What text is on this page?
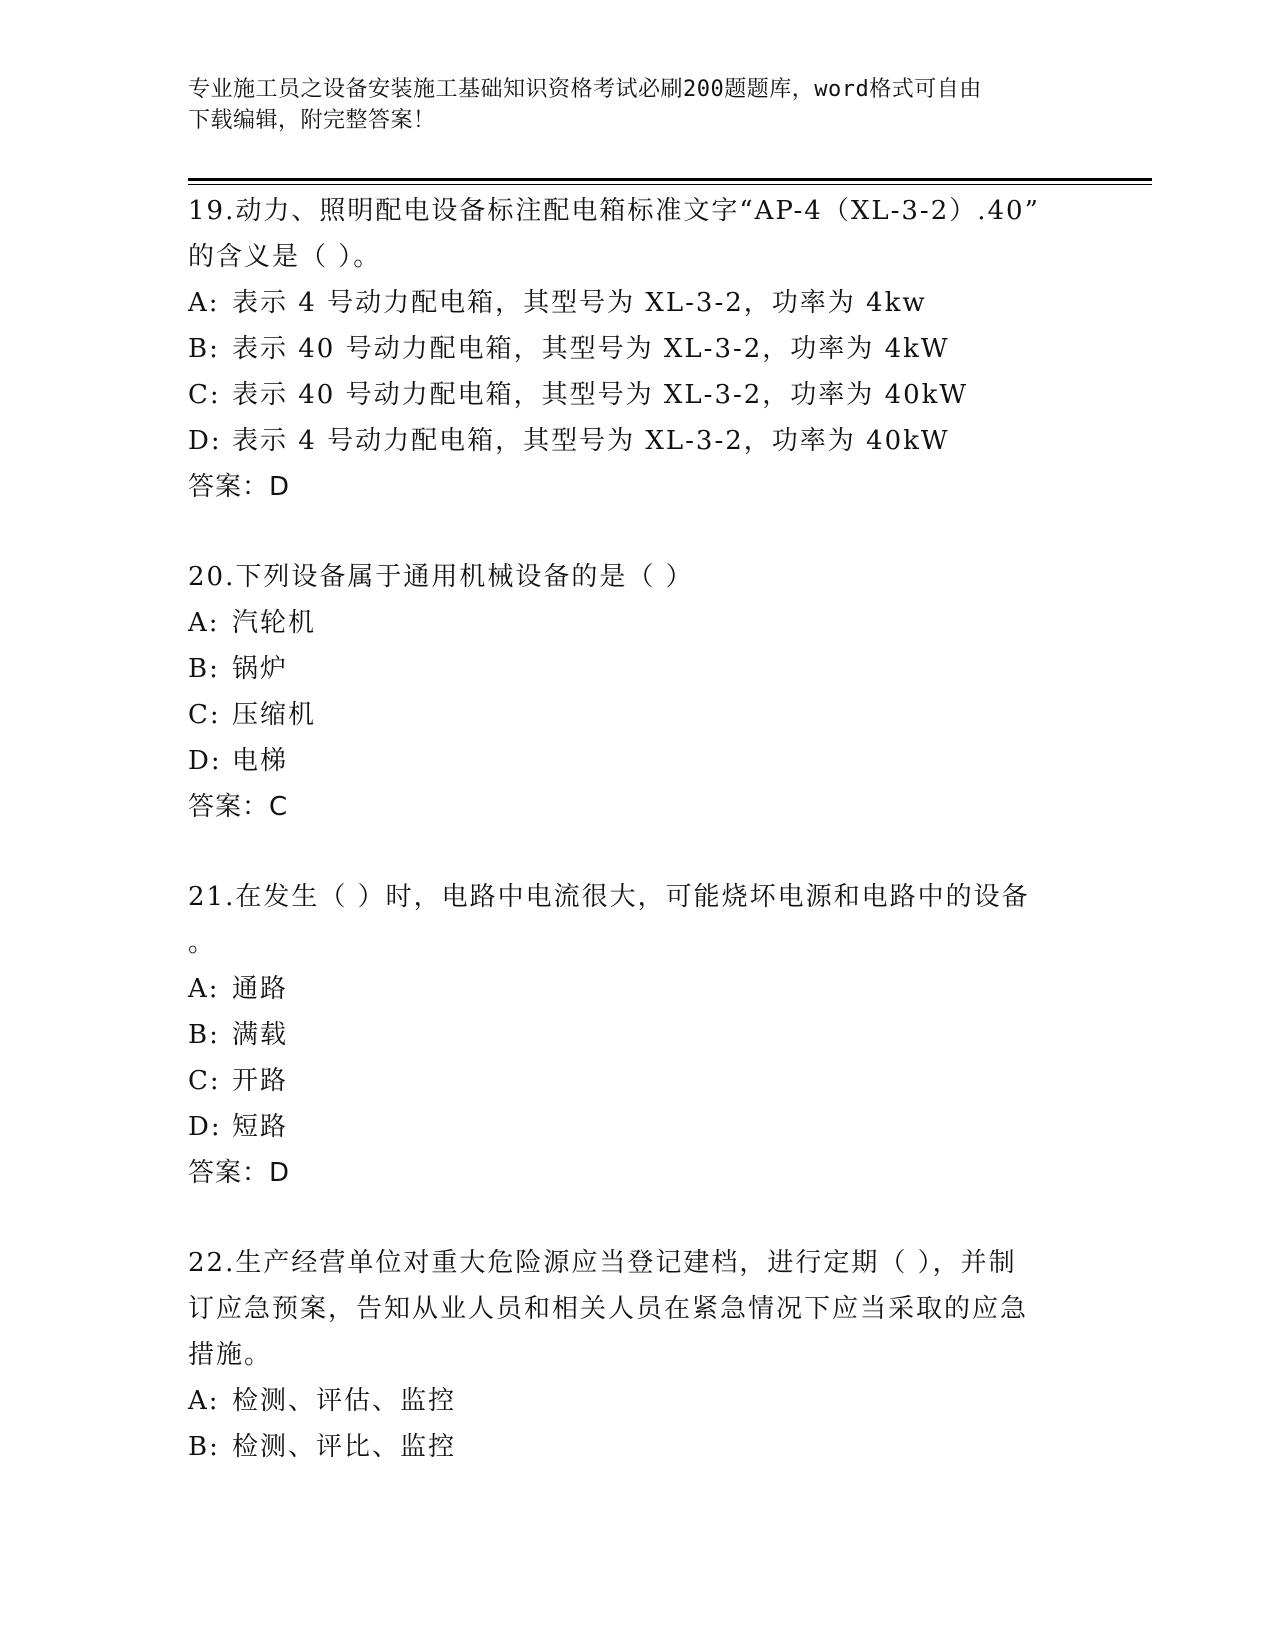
专业施工员之设备安装施工基础知识资格考试必刷200题题库，word格式可自由
下载编辑，附完整答案！
19.动力、照明配电设备标注配电箱标准文字“AP-4（XL-3-2）.40”
的含义是（ ）。
A: 表示 4 号动力配电箱，其型号为 XL-3-2，功率为 4kw
B: 表示 40 号动力配电箱，其型号为 XL-3-2，功率为 4kW
C: 表示 40 号动力配电箱，其型号为 XL-3-2，功率为 40kW
D: 表示 4 号动力配电箱，其型号为 XL-3-2，功率为 40kW
答案：D
20.下列设备属于通用机械设备的是（ ）
A: 汽轮机
B: 锅炉
C: 压缩机
D: 电梯
答案：C
21.在发生（ ）时，电路中电流很大，可能烧坏电源和电路中的设备
。
A: 通路
B: 满载
C: 开路
D: 短路
答案：D
22.生产经营单位对重大危险源应当登记建档，进行定期（ ），并制
订应急预案，告知从业人员和相关人员在紧急情况下应当采取的应急
措施。
A: 检测、评估、监控
B: 检测、评比、监控
